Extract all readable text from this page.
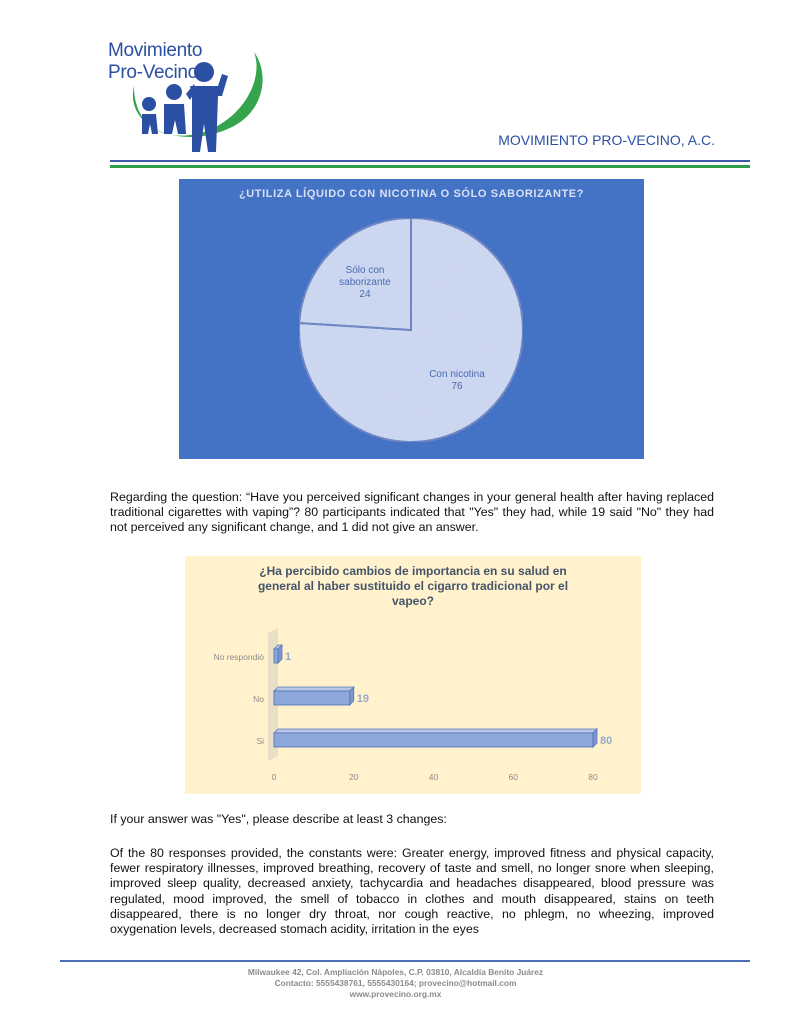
Movimiento
Pro-Vecino
MOVIMIENTO PRO-VECINO, A.C.
¿UTILIZA LÍQUIDO CON NICOTINA O SÓLO SABORIZANTE?
Con nicotina 76
Sólo con saborizante 24
Regarding the question: “Have you perceived significant changes in your general health after having replaced traditional cigarettes with vaping”? 80 participants indicated that "Yes" they had, while 19 said "No" they had not perceived any significant change, and 1 did not give an answer.
¿Ha percibido cambios de importancia en su salud en
general al haber sustituido el cigarro tradicional por el
vapeo?
No respondió 1
No	19
Si	80
0	20	40	60	80
If your answer was "Yes", please describe at least 3 changes:
Of the 80 responses provided, the constants were: Greater energy, improved fitness and physical capacity, fewer respiratory illnesses, improved breathing, recovery of taste and smell, no longer snore when sleeping, improved sleep quality, decreased anxiety, tachycardia and headaches disappeared, blood pressure was regulated, mood improved, the smell of tobacco in clothes and mouth disappeared, stains on teeth disappeared, there is no longer dry throat, nor cough reactive, no phlegm, no wheezing, improved oxygenation levels, decreased stomach acidity, irritation in the eyes
Milwaukee 42, Col. Ampliación Nápoles, C.P. 03810, Alcaldía Benito Juárez
Contacto: 5555438761, 5555430164; provecino@hotmail.com
www.provecino.org.mx
